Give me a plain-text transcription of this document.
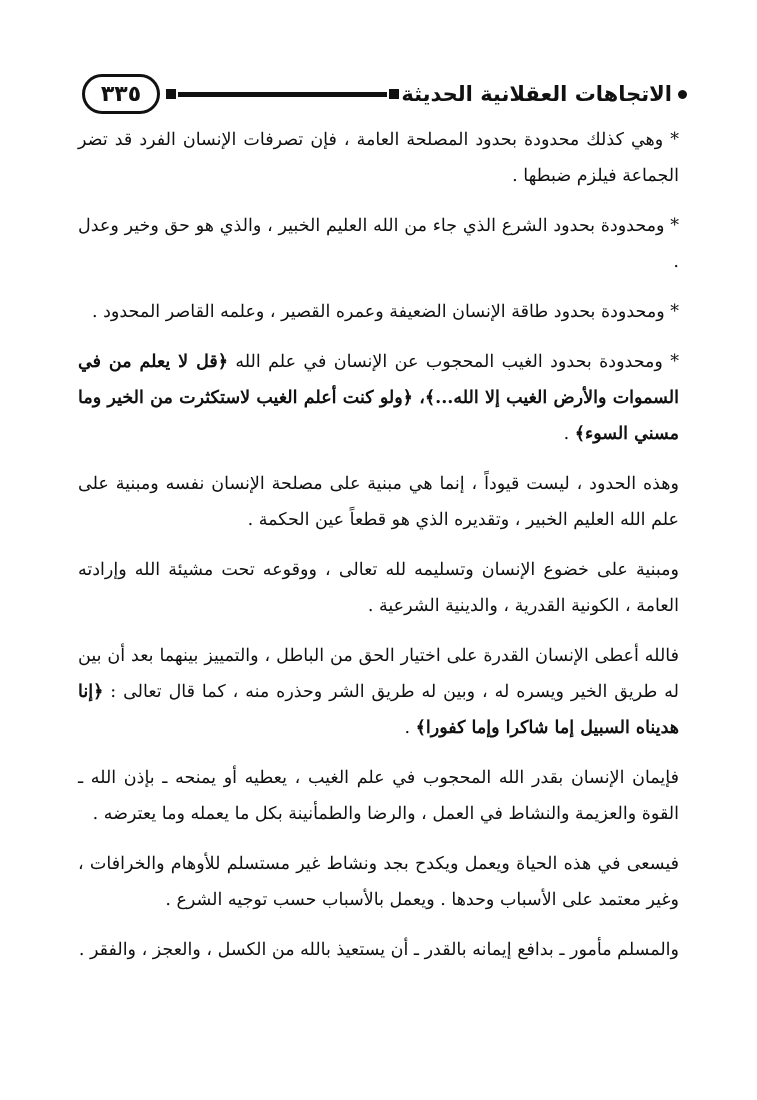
٣٣٥	الاتجاهات العقلانية الحديثة

* وهي كذلك محدودة بحدود المصلحة العامة ، فإن تصرفات الإنسان الفرد قد تضر الجماعة فيلزم ضبطها .

* ومحدودة بحدود الشرع الذي جاء من الله العليم الخبير ، والذي هو حق وخير وعدل .

* ومحدودة بحدود طاقة الإنسان الضعيفة وعمره القصير ، وعلمه القاصر المحدود .

* ومحدودة بحدود الغيب المحجوب عن الإنسان في علم الله ﴿قل لا يعلم من في السموات والأرض الغيب إلا الله...﴾، ﴿ولو كنت أعلم الغيب لاستكثرت من الخير وما مسني السوء﴾ .

وهذه الحدود ، ليست قيوداً ، إنما هي مبنية على مصلحة الإنسان نفسه ومبنية على علم الله العليم الخبير ، وتقديره الذي هو قطعاً عين الحكمة .

ومبنية على خضوع الإنسان وتسليمه لله تعالى ، ووقوعه تحت مشيئة الله وإرادته العامة ، الكونية القدرية ، والدينية الشرعية .

فالله أعطى الإنسان القدرة على اختيار الحق من الباطل ، والتمييز بينهما بعد أن بين له طريق الخير ويسره له ، وبين له طريق الشر وحذره منه ، كما قال تعالى : ﴿إنا هديناه السبيل إما شاكرا وإما كفورا﴾ .

فإيمان الإنسان بقدر الله المحجوب في علم الغيب ، يعطيه أو يمنحه ـ بإذن الله ـ القوة والعزيمة والنشاط في العمل ، والرضا والطمأنينة بكل ما يعمله وما يعترضه .

فيسعى في هذه الحياة ويعمل ويكدح بجد ونشاط غير مستسلم للأوهام والخرافات ، وغير معتمد على الأسباب وحدها . ويعمل بالأسباب حسب توجيه الشرع .

والمسلم مأمور ـ بدافع إيمانه بالقدر ـ أن يستعيذ بالله من الكسل ، والعجز ، والفقر .
